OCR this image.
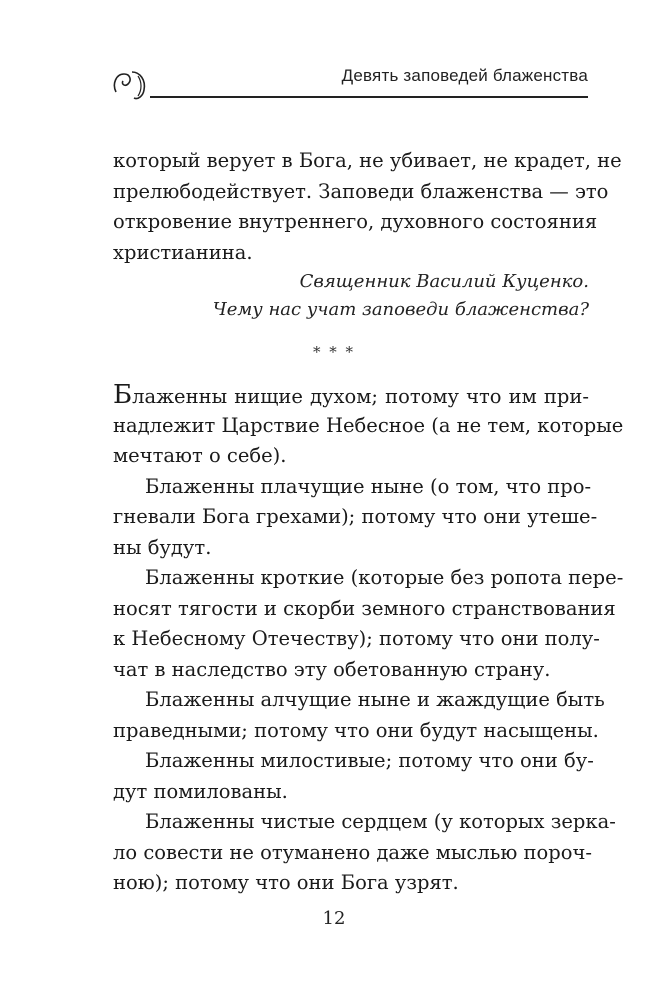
Девять заповедей блаженства
который верует в Бога, не убивает, не крадет, не
прелюбодействует. Заповеди блаженства — это
откровение внутреннего, духовного состояния
христианина.
Священник Василий Куценко.
Чему нас учат заповеди блаженства?
* * *
Блаженны нищие духом; потому что им при-
надлежит Царствие Небесное (а не тем, которые
мечтают о себе).
Блаженны плачущие ныне (о том, что про-
гневали Бога грехами); потому что они утеше-
ны будут.
Блаженны кроткие (которые без ропота пере-
носят тягости и скорби земного странствования
к Небесному Отечеству); потому что они полу-
чат в наследство эту обетованную страну.
Блаженны алчущие ныне и жаждущие быть
праведными; потому что они будут насыщены.
Блаженны милостивые; потому что они бу-
дут помилованы.
Блаженны чистые сердцем (у которых зерка-
ло совести не отуманено даже мыслью пороч-
ною); потому что они Бога узрят.
12
